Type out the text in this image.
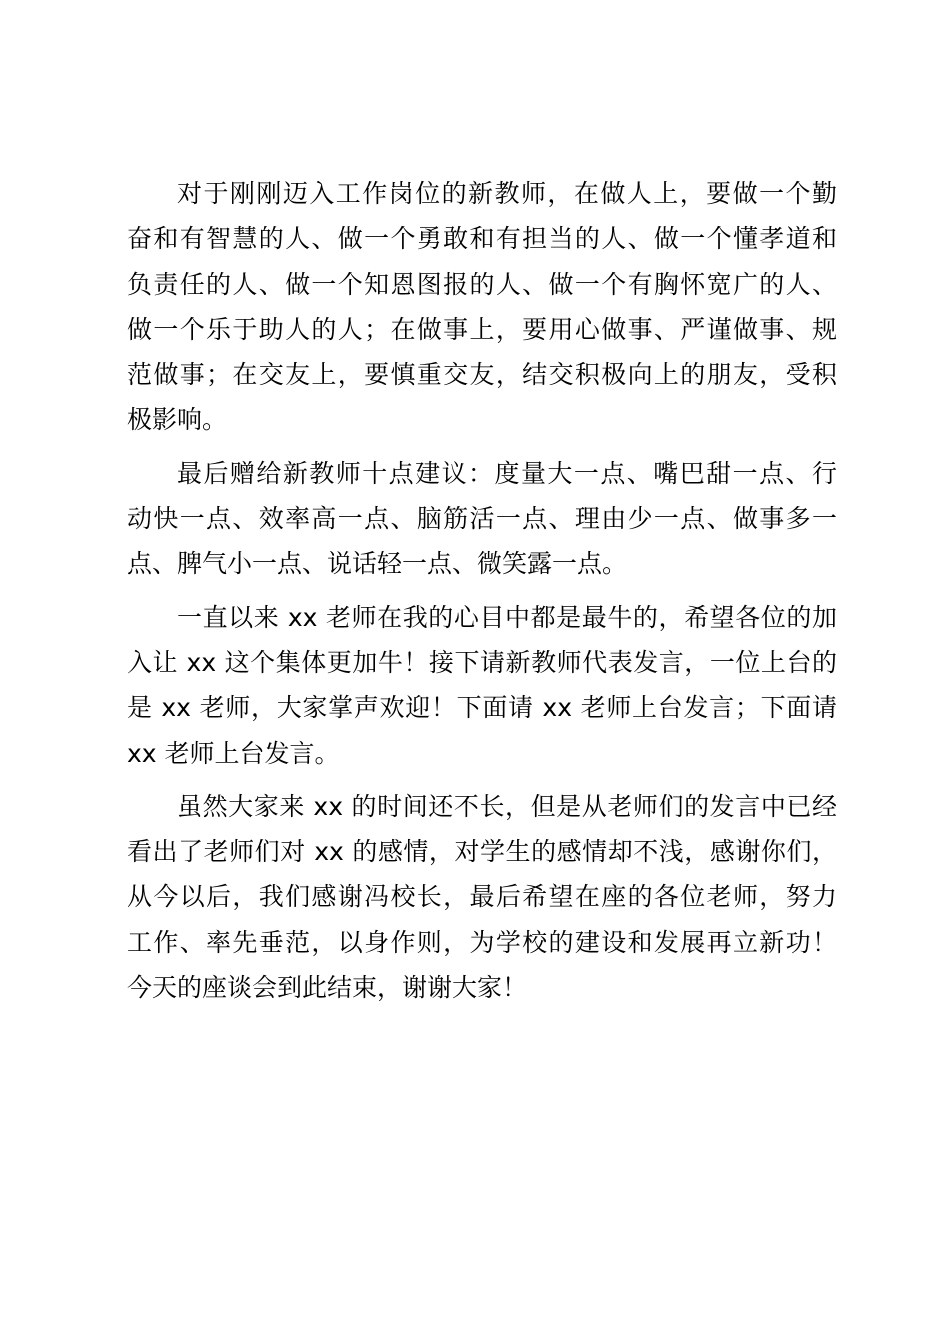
对于刚刚迈入工作岗位的新教师，在做人上，要做一个勤
奋和有智慧的人、做一个勇敢和有担当的人、做一个懂孝道和
负责任的人、做一个知恩图报的人、做一个有胸怀宽广的人、
做一个乐于助人的人；在做事上，要用心做事、严谨做事、规
范做事；在交友上，要慎重交友，结交积极向上的朋友，受积
极影响。

最后赠给新教师十点建议：度量大一点、嘴巴甜一点、行
动快一点、效率高一点、脑筋活一点、理由少一点、做事多一
点、脾气小一点、说话轻一点、微笑露一点。

一直以来 xx 老师在我的心目中都是最牛的，希望各位的加
入让 xx 这个集体更加牛！接下请新教师代表发言，一位上台的
是 xx 老师，大家掌声欢迎！下面请 xx 老师上台发言；下面请
xx 老师上台发言。

虽然大家来 xx 的时间还不长，但是从老师们的发言中已经
看出了老师们对 xx 的感情，对学生的感情却不浅，感谢你们，
从今以后，我们感谢冯校长，最后希望在座的各位老师，努力
工作、率先垂范，以身作则，为学校的建设和发展再立新功！
今天的座谈会到此结束，谢谢大家！
